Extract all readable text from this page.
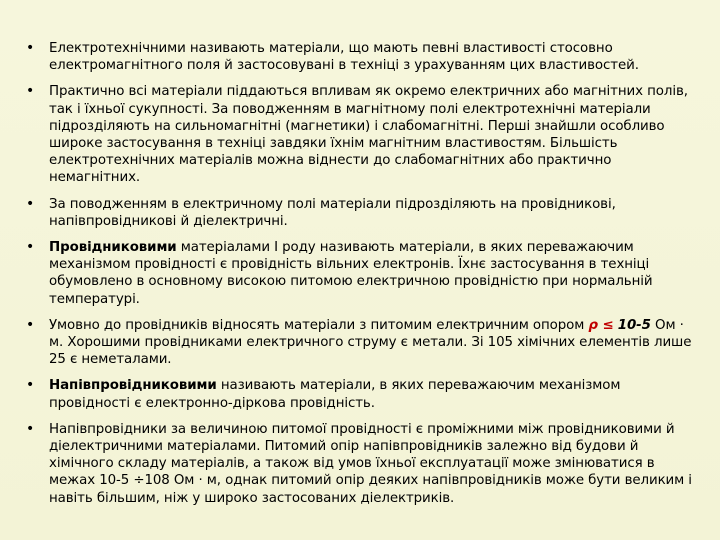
• Електротехнічними називають матеріали, що мають певні властивості стосовно електромагнітного поля й застосовувані в техніці з урахуванням цих властивостей.
• Практично всі матеріали піддаються впливам як окремо електричних або магнітних полів, так і їхньої сукупності. За поводженням в магнітному полі електротехнічні матеріали підрозділяють на сильномагнітні (магнетики) і слабомагнітні. Перші знайшли особливо широке застосування в техніці завдяки їхнім магнітним властивостям. Більшість електротехнічних матеріалів можна віднести до слабомагнітних або практично немагнітних.
• За поводженням в електричному полі матеріали підрозділяють на провідникові, напівпровідникові й діелектричні.
• Провідниковими матеріалами I роду називають матеріали, в яких переважаючим механізмом провідності є провідність вільних електронів. Їхнє застосування в техніці обумовлено в основному високою питомою електричною провідністю при нормальній температурі.
• Умовно до провідників відносять матеріали з питомим електричним опором ρ ≤ 10-5 Ом · м. Хорошими провідниками електричного струму є метали. Зі 105 хімічних елементів лише 25 є неметалами.
• Напівпровідниковими називають матеріали, в яких переважаючим механізмом провідності є електронно-діркова провідність.
• Напівпровідники за величиною питомої провідності є проміжними між провідниковими й діелектричними матеріалами. Питомий опір напівпровідників залежно від будови й хімічного складу матеріалів, а також від умов їхньої експлуатації може змінюватися в межах 10-5 ÷108 Ом · м, однак питомий опір деяких напівпровідників може бути великим і навіть більшим, ніж у широко застосованих діелектриків.
